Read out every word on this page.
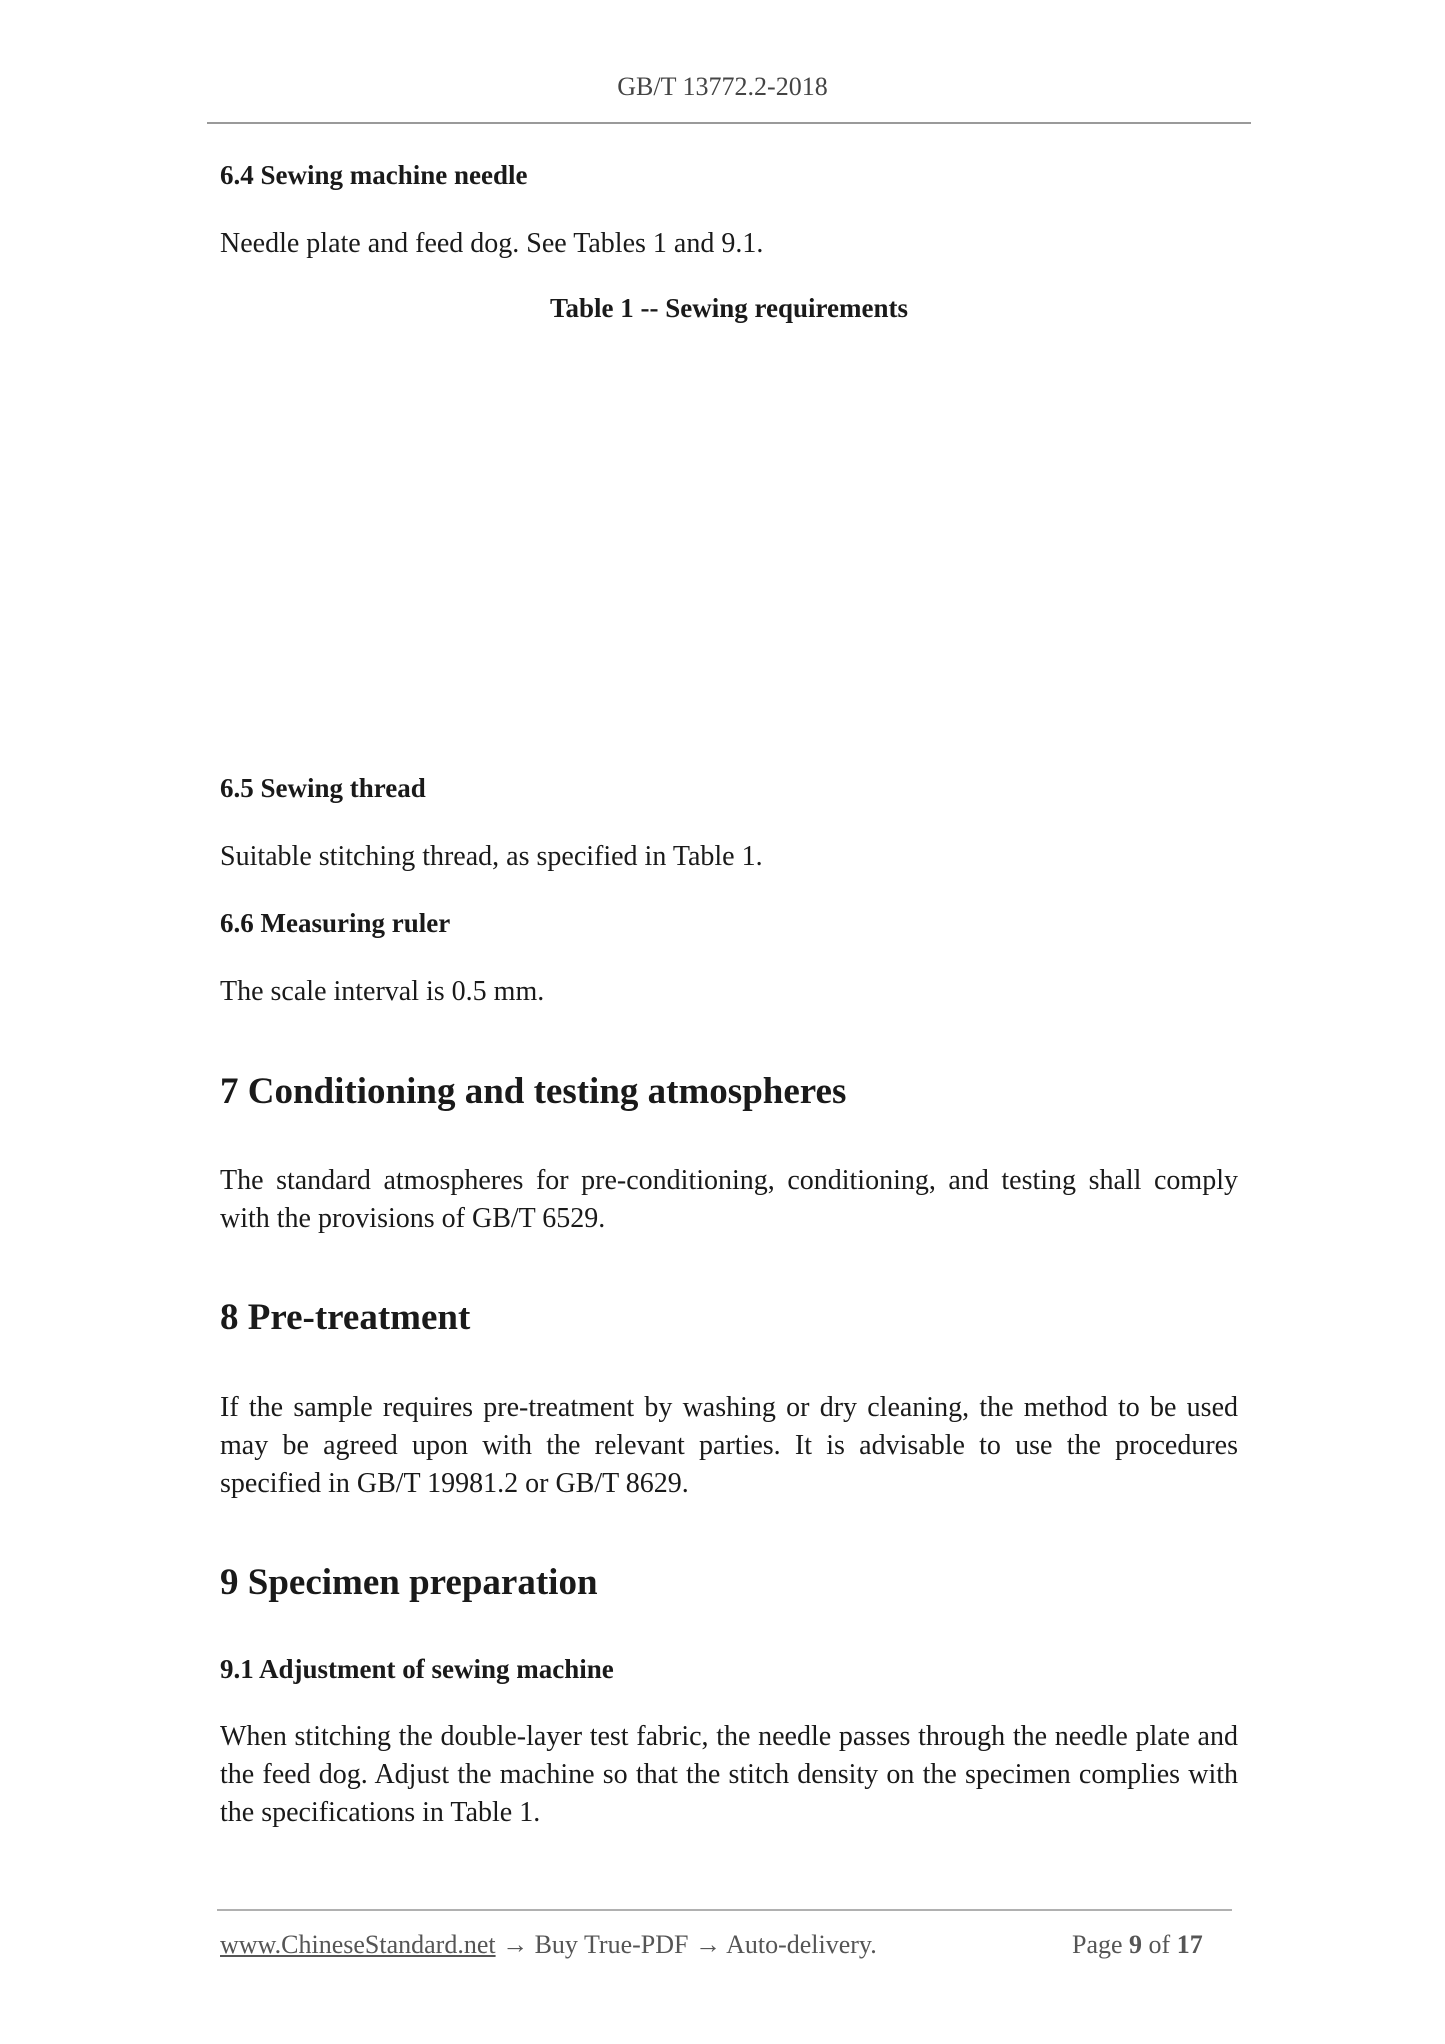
GB/T 13772.2-2018

6.4 Sewing machine needle

Needle plate and feed dog. See Tables 1 and 9.1.

Table 1 -- Sewing requirements

6.5 Sewing thread

Suitable stitching thread, as specified in Table 1.

6.6 Measuring ruler

The scale interval is 0.5 mm.

7 Conditioning and testing atmospheres

The standard atmospheres for pre-conditioning, conditioning, and testing shall comply with the provisions of GB/T 6529.

8 Pre-treatment

If the sample requires pre-treatment by washing or dry cleaning, the method to be used may be agreed upon with the relevant parties. It is advisable to use the procedures specified in GB/T 19981.2 or GB/T 8629.

9 Specimen preparation

9.1 Adjustment of sewing machine

When stitching the double-layer test fabric, the needle passes through the needle plate and the feed dog. Adjust the machine so that the stitch density on the specimen complies with the specifications in Table 1.

www.ChineseStandard.net → Buy True-PDF → Auto-delivery.	Page 9 of 17
